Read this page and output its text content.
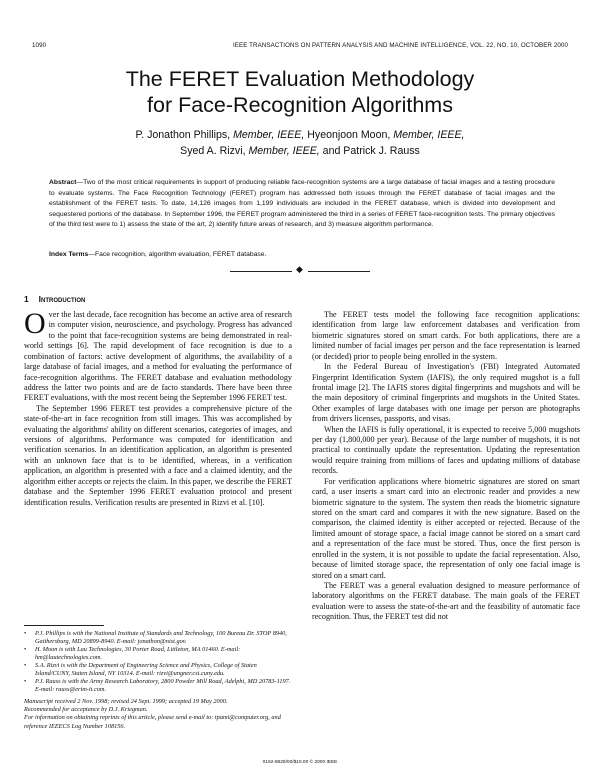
1090	IEEE TRANSACTIONS ON PATTERN ANALYSIS AND MACHINE INTELLIGENCE, VOL. 22, NO. 10, OCTOBER 2000
The FERET Evaluation Methodology
for Face-Recognition Algorithms
P. Jonathon Phillips, Member, IEEE, Hyeonjoon Moon, Member, IEEE,
Syed A. Rizvi, Member, IEEE, and Patrick J. Rauss
Abstract—Two of the most critical requirements in support of producing reliable face-recognition systems are a large database of facial images and a testing procedure to evaluate systems. The Face Recognition Technology (FERET) program has addressed both issues through the FERET database of facial images and the establishment of the FERET tests. To date, 14,126 images from 1,199 individuals are included in the FERET database, which is divided into development and sequestered portions of the database. In September 1996, the FERET program administered the third in a series of FERET face-recognition tests. The primary objectives of the third test were to 1) assess the state of the art, 2) identify future areas of research, and 3) measure algorithm performance.
Index Terms—Face recognition, algorithm evaluation, FERET database.
◆
1 Introduction

Over the last decade, face recognition has become an active area of research in computer vision, neuroscience, and psychology. Progress has advanced to the point that face-recognition systems are being demonstrated in real-world settings [6]. The rapid development of face recognition is due to a combination of factors: active development of algorithms, the availability of a large database of facial images, and a method for evaluating the performance of face-recognition algorithms. The FERET database and evaluation methodology address the latter two points and are de facto standards. There have been three FERET evaluations, with the most recent being the September 1996 FERET test.

The September 1996 FERET test provides a comprehensive picture of the state-of-the-art in face recognition from still images. This was accomplished by evaluating the algorithms' ability on different scenarios, categories of images, and versions of algorithms. Performance was computed for identification and verification scenarios. In an identification application, an algorithm is presented with an unknown face that is to be identified, whereas, in a verification application, an algorithm is presented with a face and a claimed identity, and the algorithm either accepts or rejects the claim. In this paper, we describe the FERET database and the September 1996 FERET evaluation protocol and present identification results. Verification results are presented in Rizvi et al. [10].

• P.J. Phillips is with the National Institute of Standards and Technology, 100 Bureau Dr. STOP 8940, Gaithersburg, MD 20899-8940. E-mail: jonathon@nist.gov.
• H. Moon is with Lau Technologies, 30 Porter Road, Littleton, MA 01460. E-mail: hm@lautechnologies.com.
• S.A. Rizvi is with the Department of Engineering Science and Physics, College of Staten Island/CUNY, Staten Island, NY 10314. E-mail: rizvi@ungner.csi.cuny.edu.
• P.J. Rauss is with the Army Research Laboratory, 2800 Powder Mill Road, Adelphi, MD 20783-1197. E-mail: rauss@erim-it.com.
Manuscript received 2 Nov. 1998; revised 24 Sept. 1999; accepted 19 May 2000.
Recommended for acceptance by D.J. Kriegman.
For information on obtaining reprints of this article, please send e-mail to: tpami@computer.org, and reference IEEECS Log Number 108156.

The FERET tests model the following face recognition applications: identification from large law enforcement databases and verification from biometric signatures stored on smart cards. For both applications, there are a limited number of facial images per person and the face representation is learned (or decided) prior to people being enrolled in the system.

In the Federal Bureau of Investigation's (FBI) Integrated Automated Fingerprint Identification System (IAFIS), the only required mugshot is a full frontal image [2]. The IAFIS stores digital fingerprints and mugshots and will be the main depository of criminal fingerprints and mugshots in the United States. Other examples of large databases with one image per person are photographs from drivers licenses, passports, and visas.

When the IAFIS is fully operational, it is expected to receive 5,000 mugshots per day (1,800,000 per year). Because of the large number of mugshots, it is not practical to continually update the representation. Updating the representation would require training from millions of faces and updating millions of database records.

For verification applications where biometric signatures are stored on smart card, a user inserts a smart card into an electronic reader and provides a new biometric signature to the system. The system then reads the biometric signature stored on the smart card and compares it with the new signature. Based on the comparison, the claimed identity is either accepted or rejected. Because of the limited amount of storage space, a facial image cannot be stored on a smart card and a representation of the face must be stored. Thus, once the first person is enrolled in the system, it is not possible to update the facial representation. Also, because of limited storage space, the representation of only one facial image is stored on a smart card.

The FERET was a general evaluation designed to measure performance of laboratory algorithms on the FERET database. The main goals of the FERET evaluation were to assess the state-of-the-art and the feasibility of automatic face recognition. Thus, the FERET test did not

0162-8828/00/$10.00 © 2000 IEEE
